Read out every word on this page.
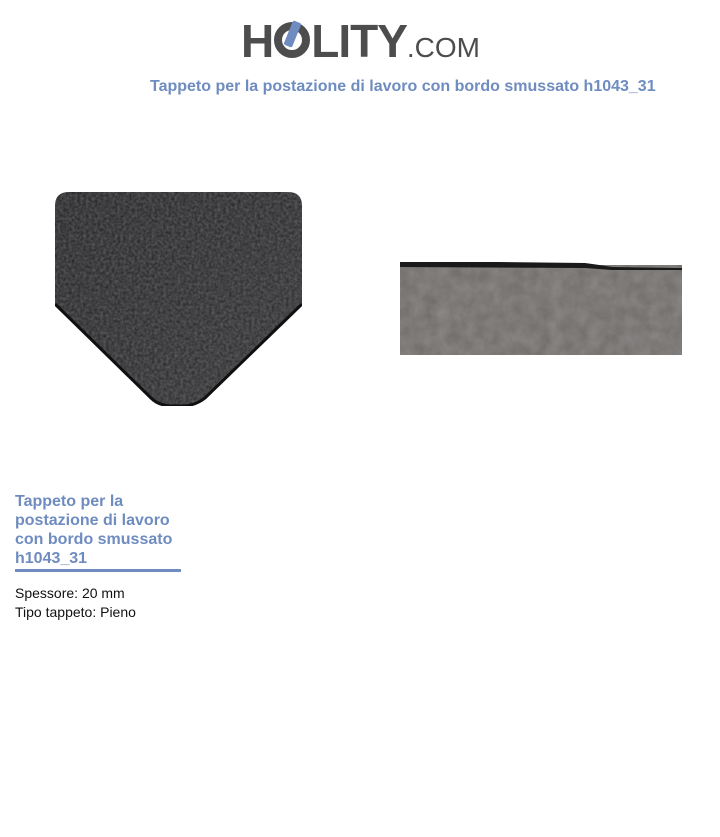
H LITY.COM
Tappeto per la postazione di lavoro con bordo smussato h1043_31
Tappeto per la postazione di lavoro con bordo smussato h1043_31
Spessore: 20 mm
Tipo tappeto: Pieno
